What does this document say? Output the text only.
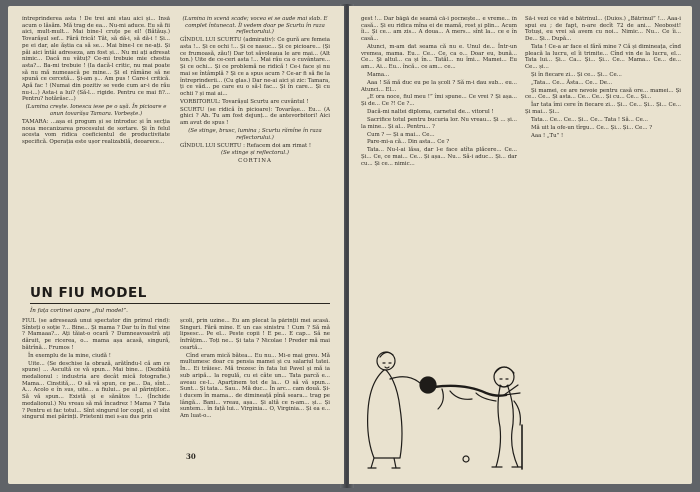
întreprinderea asta ! De trei ani stau aici și... Însă acum o lăsăm. Mă trag de ea... Nu-mi aduce. Eu să fii aici, mult-mult... Mai bine-l cruțe pe el! (Bătăuș.) Tovarășul sef... Fără frică! Tăt, să dă-i, să dă-i ! Și... pe ei dar, ale ăștia ca să se... Mai bine-l ce ne-ați. Și păi aici întâi adreseza, am fost și... Nu mi ați adresat nimic... Dacă nu vătuț? Ce-mi trebuie mie chestia asta?... Ba-mi trebuie ! (Ia dacă-l critic, nu mai poate să nu mă numească pe mine... Și el rămâne să ne spună ce cercetă... Și-am ș... Am pus ! Care-i critică. Apă fac ! (Numai din pozitiv se vede cum ar-i de rău nu-i...) Asta-i a lui? (Să-l... rigide. Pentru ce mai fi?... Pentru? hotărăsc...)

(Lumina crește. Ionescu iese pe o ușă. În picioare e anun tovarășa Tamara. Vorbește.)

TAMARA: ...așa ei progum și se introduc și în secția noua mecanizarea procesului de sortare. Și în felul acesta vom ridica coeficientul de productivitate specifică. Operația este ușor realizabilă, deoarece...

(Lumina în scenă scade; vocea ei se aude mai slab. E complet întunecat. Îl vedem doar pe Scurtu în raza reflectorului.)

GÎNDUL LUI SCURTU (admirativ): Ce gură are femeia asta !... Și ce ochi !... Și ce nasuc... Și ce picioare... (Și ce frumoasă, zău!) Dar tot săvoleaua le are mai... (Alt ton.) Uite de ce-ceri asta !... Mai rău ca o cuvântare... Și ce ochi... Și ce problemă ne ridică ! Ce-i face și nu mai se întâmplă ? Și ce a spus acum ? Ce-ar fi să fie la întreprinderii... (Cu glas.) Dar ne-ai aici și zic: Tamara, ți ce văd... pe care eu o să-l fac... Și în care... Și cu ochii ? și mai ai...

VORBITORUL: Tovarășul Scurtu are cuvântul !

SCURTU (se ridică în picioare): Tovarășe... Eu... (A ghici ? Ah. Tu am fost dejunț... de antevorbitori! Aici am avut de spus !

(Se stinge, brusc, lumina ; Scurtu rămîne în raza reflectorului.)

GÎNDUL LUI SCURTU : Refacem doi am rimat !

(Se stinge și reflectorul.)

CORTINA

UN FIU MODEL
În fața cortinei apare „fiul model”.

FIUL (se adresează unui spectator din primul rind): Sînteți o soție ?... Bine... Și mama ? Dar tu în fiul vine ? Mamaaa?... Ați tăiat-o ocară ? Dumneavoastră ați dăruit, pe ricerea, o... mama așa acasă, singură, bătrînă... Frumos !

În exemplu de la mine, ciudă !

Uite... (Se deschise la obrază, arătîndu-l că am ce spune) ... Ascultă ce vă spun... Mai bine... (Dezbătă medalionul : industria are decât mică fotografie.) Mama... Cinstită,... O să vă spun, ce pe... Da, sînt... A... Acolo e în sus, uite... a fiului... pe al părinților... Să vă spun... Există și e sănătos !... (Închide medalionul.) Nu vreau să mă încadrez ! Mama ? Tata ? Pentru ei fac totul... Sînt singurul lor copil, și el sînt singurul mei părinți. Prietenii mei s-au dus prin

școli, prin uzine... Eu am plecat la părinții mei acasă. Singuri. Fără mine. E un cas sinistru ! Cum ? Să mă lipsesc... Pe el... Peste copii ! E pe... E cap... Să ne înfrățim... Toți ne... Și tata ? Nicolae ! Preder mă mai ceartă...

Cînd eram mică bătea... Eu nu... Mi-e mai greu. Mă multumesc doar cu pensia mamei și cu salariul tatei. În... Ei trăiesc. Mă trezesc în fata lui Pavel și mă ia sub aripă... la regulă, cu ei câte un... Tata parcă e... aveau ce-l... Aparținem tot de la... O să vă spun... Sunt... Și tata... Sau... Mă duc... În arc... cam două. Și-i ducem în mama... de dimineață pînă seara... trag pe lângă... Bani... vreau, așa... Și altă ce n-am... și... Și suntem... în față lui... Virginia... O, Virginia... Și ea e... Am luat-o...

30

gest !... Dar băgă de seamă că-i pocnește... e vreme... în casă... Și eu ridica mîna ei de mamă, rost și plin... Acum îi... Și ce... am zis... A doua... A mers... sînt la... ce e în casă...

Atunci, m-am dat seama că nu e. Unul de... Într-un vremea, mama. Eu... Ce... Ce, ca o... Doar eu, bună... Ce... Și altul... ca și în... Tatăl... nu îmi... Mamei... Eu am... Ai... Eu... încă... ce am... ce...

Mama...

Aaa ! Să mă duc eu pe la școli ? Să m-i dau sub... eu... Atunci... El...

„E ora noce, fiul meu !” îmi spune... Ce vrei ? Și așa... Și de... Ce ?! Ce ?...

Dacă-mi naltei diploma, carnetul de... vitorul !

Sacrifice totul pentru bucuria lor. Nu vreau... Și ... și... la mine... Și al... Pentru... ?

Cum ? — Și a mai... Ce...

Pare-mi-a că... Din asta... Ce ?

Tata... Nu-l-ai lăsa, dar l-e face atîta plăcere... Ce... Și... Ce, ce mai... Ce... Și așa... Nu... Să-i aduc... Și... dar cu... Și ce... nimic...

Să-i vezi ce văd e bătrînul... (Duios.) „Bătrînul” !... Aaa-i spui eu ; de fapt, n-are decît 72 de ani... Neobosit! Totuși, eu vrei să avem cu noi... Nimic... Nu... Ce îi... De... Și... După...

Tata ! Ce-a ar face el fără mine ? Că și dimineața, cînd pleacă la lucru, el îi trimite... Cînd vin de la lucru, el... Tata lui... Și... Ca... Și... Și... Ce... Mama... Ce... de... Ce... și...

Și în fiecare zi... Și ce... Și... Ce...

„Tata... Ce... Ăsta... Ce... De...

Și mamei, ce are nevoie pentru casă ore... mamei... Și ce... Ce... Și asta... Ce... Ce... Și cu... Ce... Și...

Îar tata îmi cere în fiecare zi... Și... Ce... Și... Și... Ce... Și mai... Și...

Tata... Ce... Ce... Și... Ce... Tata ! Să... Ce...

Mă uit la ofe-un tîrgu... Ce... Și... Și... Ce... ?

Aaa ! „Tu” !
